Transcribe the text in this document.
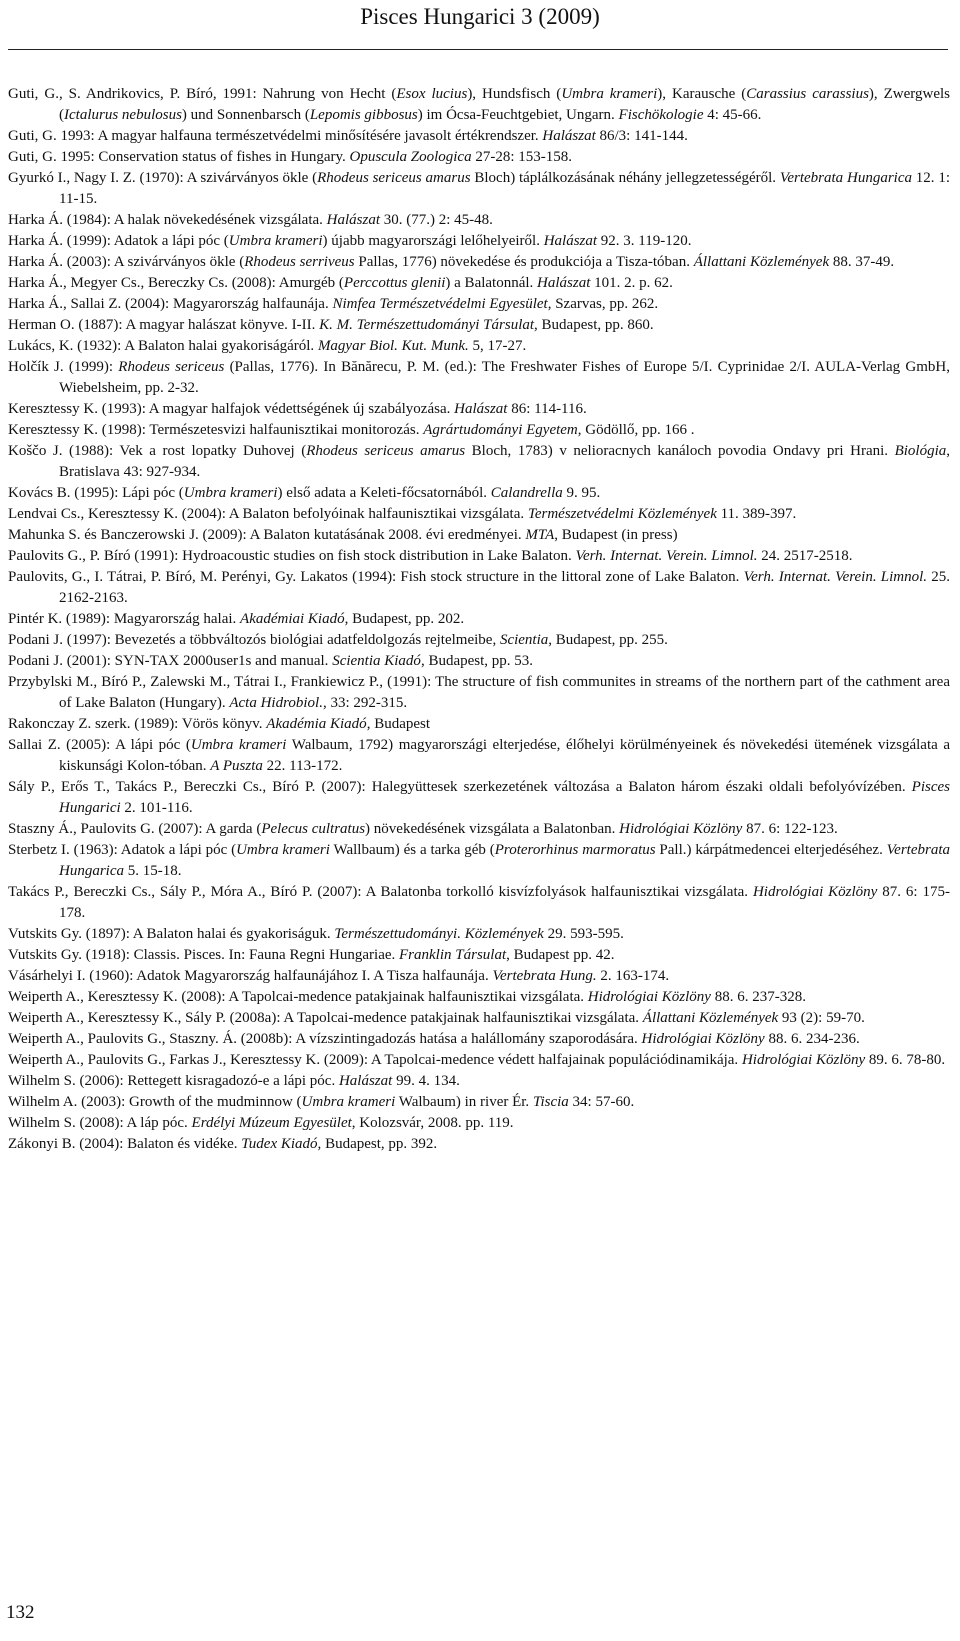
Pisces Hungarici 3 (2009)

Guti, G., S. Andrikovics, P. Bíró, 1991: Nahrung von Hecht (Esox lucius), Hundsfisch (Umbra krameri), Karausche (Carassius carassius), Zwergwels (Ictalurus nebulosus) und Sonnenbarsch (Lepomis gibbosus) im Ócsa-Feuchtgebiet, Ungarn. Fischökologie 4: 45-66.

Guti, G. 1993: A magyar halfauna természetvédelmi minősítésére javasolt értékrendszer. Halászat 86/3: 141-144.

Guti, G. 1995: Conservation status of fishes in Hungary. Opuscula Zoologica 27-28: 153-158.

Gyurkó I., Nagy I. Z. (1970): A szivárványos ökle (Rhodeus sericeus amarus Bloch) táplálkozásának néhány jellegzetességéről. Vertebrata Hungarica 12. 1: 11-15.

Harka Á. (1984): A halak növekedésének vizsgálata. Halászat 30. (77.) 2: 45-48.

Harka Á. (1999): Adatok a lápi póc (Umbra krameri) újabb magyarországi lelőhelyeiről. Halászat 92. 3. 119-120.

Harka Á. (2003): A szivárványos ökle (Rhodeus serriveus Pallas, 1776) növekedése és produkciója a Tisza-tóban. Állattani Közlemények 88. 37-49.

Harka Á., Megyer Cs., Bereczky Cs. (2008): Amurgéb (Perccottus glenii) a Balatonnál. Halászat 101. 2. p. 62.

Harka Á., Sallai Z. (2004): Magyarország halfaunája. Nimfea Természetvédelmi Egyesület, Szarvas, pp. 262.

Herman O. (1887): A magyar halászat könyve. I-II. K. M. Természettudományi Társulat, Budapest, pp. 860.

Lukács, K. (1932): A Balaton halai gyakoriságáról. Magyar Biol. Kut. Munk. 5, 17-27.

Holčík J. (1999): Rhodeus sericeus (Pallas, 1776). In Bănărecu, P. M. (ed.): The Freshwater Fishes of Europe 5/I. Cyprinidae 2/I. AULA-Verlag GmbH, Wiebelsheim, pp. 2-32.

Keresztessy K. (1993): A magyar halfajok védettségének új szabályozása. Halászat 86: 114-116.

Keresztessy K. (1998): Természetesvizi halfaunisztikai monitorozás. Agrártudományi Egyetem, Gödöllő, pp. 166 .

Koščo J. (1988): Vek a rost lopatky Duhovej (Rhodeus sericeus amarus Bloch, 1783) v nelioracnych kanáloch povodia Ondavy pri Hrani. Biológia, Bratislava 43: 927-934.

Kovács B. (1995): Lápi póc (Umbra krameri) első adata a Keleti-főcsatornából. Calandrella 9. 95.

Lendvai Cs., Keresztessy K. (2004): A Balaton befolyóinak halfaunisztikai vizsgálata. Természetvédelmi Közlemények 11. 389-397.

Mahunka S. és Banczerowski J. (2009): A Balaton kutatásának 2008. évi eredményei. MTA, Budapest (in press)

Paulovits G., P. Bíró (1991): Hydroacoustic studies on fish stock distribution in Lake Balaton. Verh. Internat. Verein. Limnol. 24. 2517-2518.

Paulovits, G., I. Tátrai, P. Bíró, M. Perényi, Gy. Lakatos (1994): Fish stock structure in the littoral zone of Lake Balaton. Verh. Internat. Verein. Limnol. 25. 2162-2163.

Pintér K. (1989): Magyarország halai. Akadémiai Kiadó, Budapest, pp. 202.

Podani J. (1997): Bevezetés a többváltozós biológiai adatfeldolgozás rejtelmeibe, Scientia, Budapest, pp. 255.

Podani J. (2001): SYN-TAX 2000user1s and manual. Scientia Kiadó, Budapest, pp. 53.

Przybylski M., Bíró P., Zalewski M., Tátrai I., Frankiewicz P., (1991): The structure of fish communites in streams of the northern part of the cathment area of Lake Balaton (Hungary). Acta Hidrobiol., 33: 292-315.

Rakonczay Z. szerk. (1989): Vörös könyv. Akadémia Kiadó, Budapest

Sallai Z. (2005): A lápi póc (Umbra krameri Walbaum, 1792) magyarországi elterjedése, élőhelyi körülményeinek és növekedési ütemének vizsgálata a kiskunsági Kolon-tóban. A Puszta 22. 113-172.

Sály P., Erős T., Takács P., Bereczki Cs., Bíró P. (2007): Halegyüttesek szerkezetének változása a Balaton három északi oldali befolyóvízében. Pisces Hungarici 2. 101-116.

Staszny Á., Paulovits G. (2007): A garda (Pelecus cultratus) növekedésének vizsgálata a Balatonban. Hidrológiai Közlöny 87. 6: 122-123.

Sterbetz I. (1963): Adatok a lápi póc (Umbra krameri Wallbaum) és a tarka géb (Proterorhinus marmoratus Pall.) kárpátmedencei elterjedéséhez. Vertebrata Hungarica 5. 15-18.

Takács P., Bereczki Cs., Sály P., Móra A., Bíró P. (2007): A Balatonba torkolló kisvízfolyások halfaunisztikai vizsgálata. Hidrológiai Közlöny 87. 6: 175-178.

Vutskits Gy. (1897): A Balaton halai és gyakoriságuk. Természettudományi. Közlemények 29. 593-595.

Vutskits Gy. (1918): Classis. Pisces. In: Fauna Regni Hungariae. Franklin Társulat, Budapest pp. 42.

Vásárhelyi I. (1960): Adatok Magyarország halfaunájához I. A Tisza halfaunája. Vertebrata Hung. 2. 163-174.

Weiperth A., Keresztessy K. (2008): A Tapolcai-medence patakjainak halfaunisztikai vizsgálata. Hidrológiai Közlöny 88. 6. 237-328.

Weiperth A., Keresztessy K., Sály P. (2008a): A Tapolcai-medence patakjainak halfaunisztikai vizsgálata. Állattani Közlemények 93 (2): 59-70.

Weiperth A., Paulovits G., Staszny. Á. (2008b): A vízszintingadozás hatása a halállomány szaporodására. Hidrológiai Közlöny 88. 6. 234-236.

Weiperth A., Paulovits G., Farkas J., Keresztessy K. (2009): A Tapolcai-medence védett halfajainak populációdinamikája. Hidrológiai Közlöny 89. 6. 78-80.

Wilhelm S. (2006): Rettegett kisragadozó-e a lápi póc. Halászat 99. 4. 134.

Wilhelm A. (2003): Growth of the mudminnow (Umbra krameri Walbaum) in river Ér. Tiscia 34: 57-60.

Wilhelm S. (2008): A láp póc. Erdélyi Múzeum Egyesület, Kolozsvár, 2008. pp. 119.

Zákonyi B. (2004): Balaton és vidéke. Tudex Kiadó, Budapest, pp. 392.

132
